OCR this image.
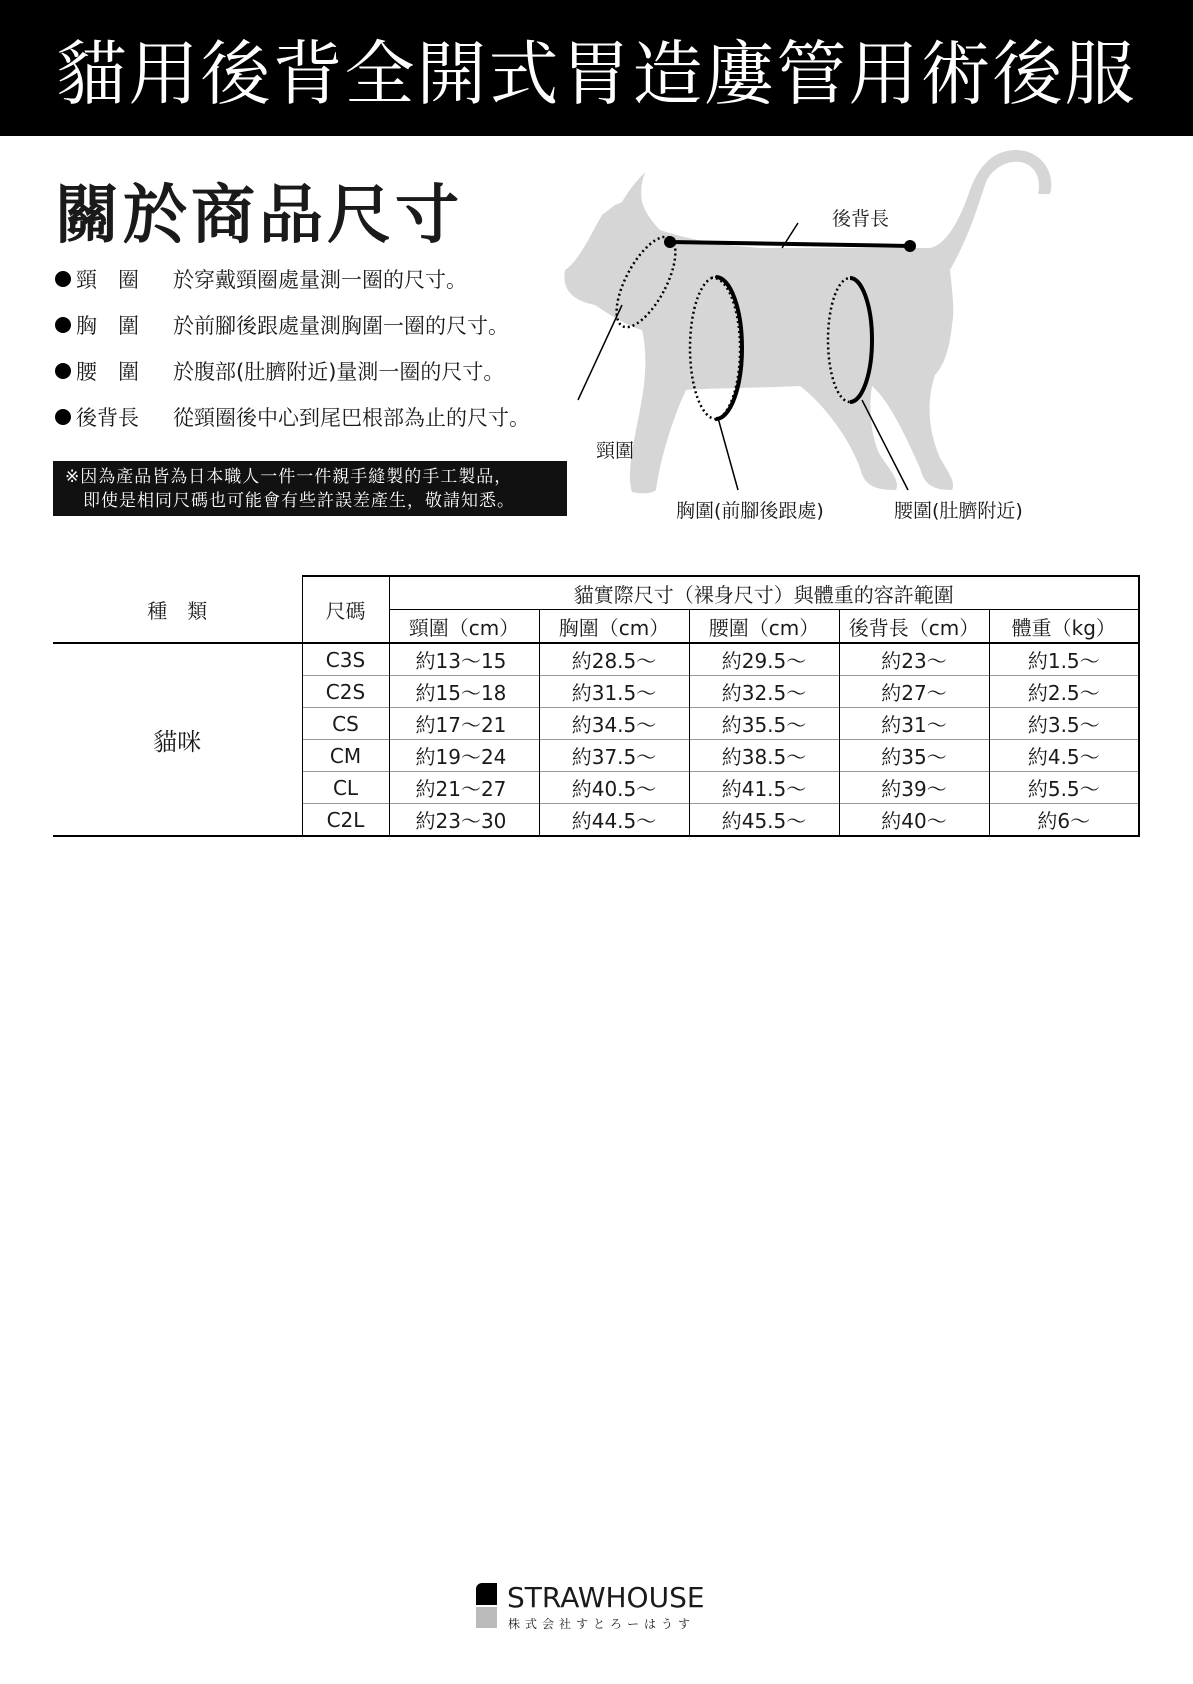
貓用後背全開式胃造廔管用術後服
關於商品尺寸
頸　圈	於穿戴頸圈處量測一圈的尺寸。
胸　圍	於前腳後跟處量測胸圍一圈的尺寸。
腰　圍	於腹部(肚臍附近)量測一圈的尺寸。
後背長	從頸圈後中心到尾巴根部為止的尺寸。
※因為產品皆為日本職人一件一件親手縫製的手工製品，
即使是相同尺碼也可能會有些許誤差產生，敬請知悉。
後背長
頸圍
胸圍(前腳後跟處)	腰圍(肚臍附近)
種　類	尺碼	貓實際尺寸（裸身尺寸）與體重的容許範圍				
		頸圍（cm）	胸圍（cm）	腰圍（cm）	後背長（cm）	體重（kg）
貓咪	C3S	約13～15	約28.5～	約29.5～	約23～	約1.5～
	C2S	約15～18	約31.5～	約32.5～	約27～	約2.5～
	CS	約17～21	約34.5～	約35.5～	約31～	約3.5～
	CM	約19～24	約37.5～	約38.5～	約35～	約4.5～
	CL	約21～27	約40.5～	約41.5～	約39～	約5.5～
	C2L	約23～30	約44.5～	約45.5～	約40～	約6～
STRAWHOUSE
株式会社すとろーはうす
